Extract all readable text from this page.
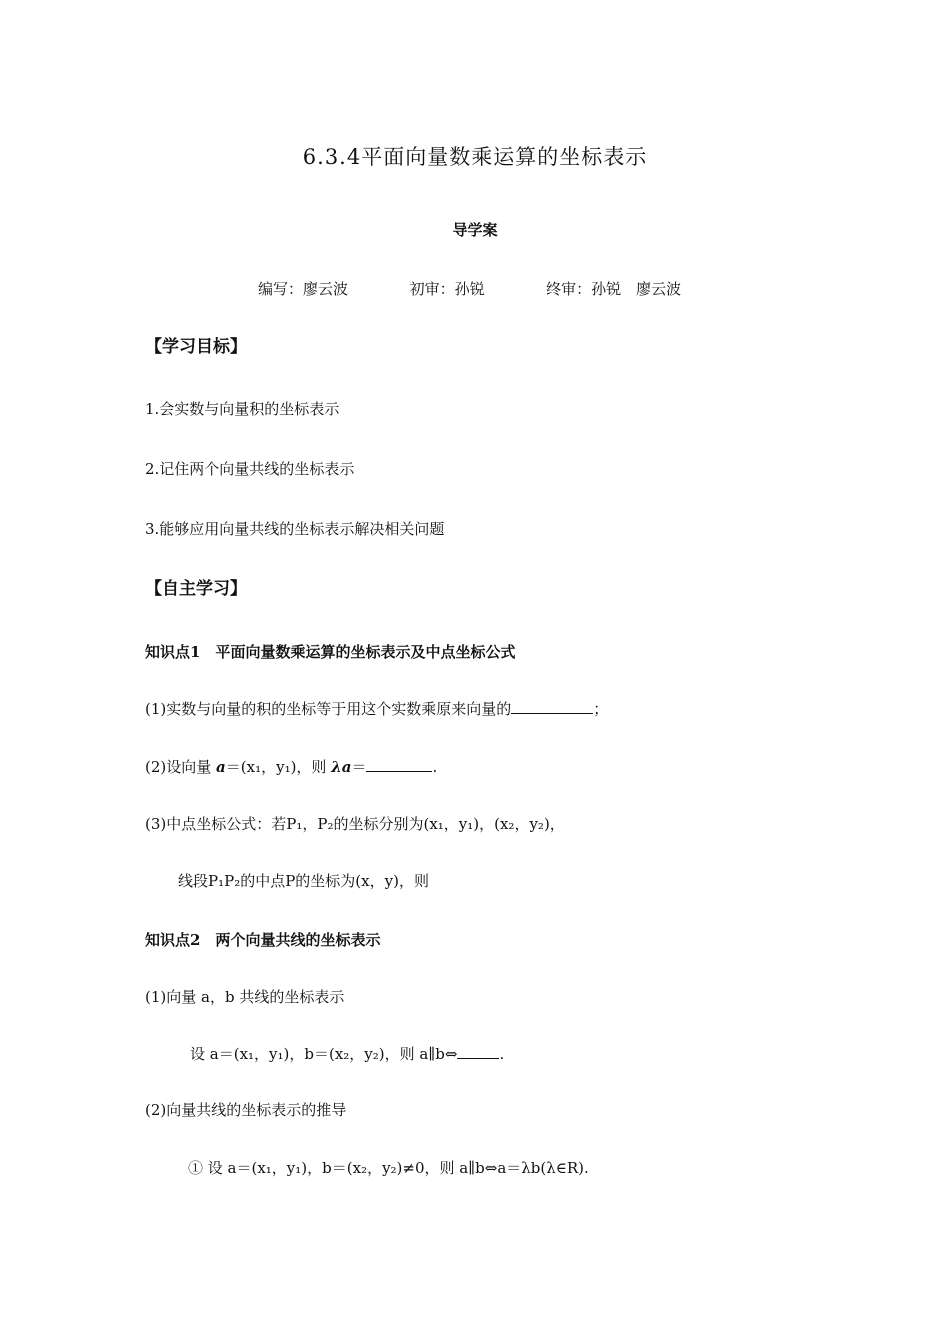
6.3.4平面向量数乘运算的坐标表示
导学案
编写：廖云波	初审：孙锐	终审：孙锐　廖云波
【学习目标】
1.会实数与向量积的坐标表示
2.记住两个向量共线的坐标表示
3.能够应用向量共线的坐标表示解决相关问题
【自主学习】
知识点1　平面向量数乘运算的坐标表示及中点坐标公式
(1)实数与向量的积的坐标等于用这个实数乘原来向量的	；
(2)设向量 a＝(x₁，y₁)，则 λa＝	.
(3)中点坐标公式：若P₁，P₂的坐标分别为(x₁，y₁)，(x₂，y₂)，
线段P₁P₂的中点P的坐标为(x，y)，则
知识点2　两个向量共线的坐标表示
(1)向量 a，b 共线的坐标表示
设 a＝(x₁，y₁)，b＝(x₂，y₂)，则 a∥b⇔	.
(2)向量共线的坐标表示的推导
① 设 a＝(x₁，y₁)，b＝(x₂，y₂)≠0，则 a∥b⇔a＝λb(λ∈R).
